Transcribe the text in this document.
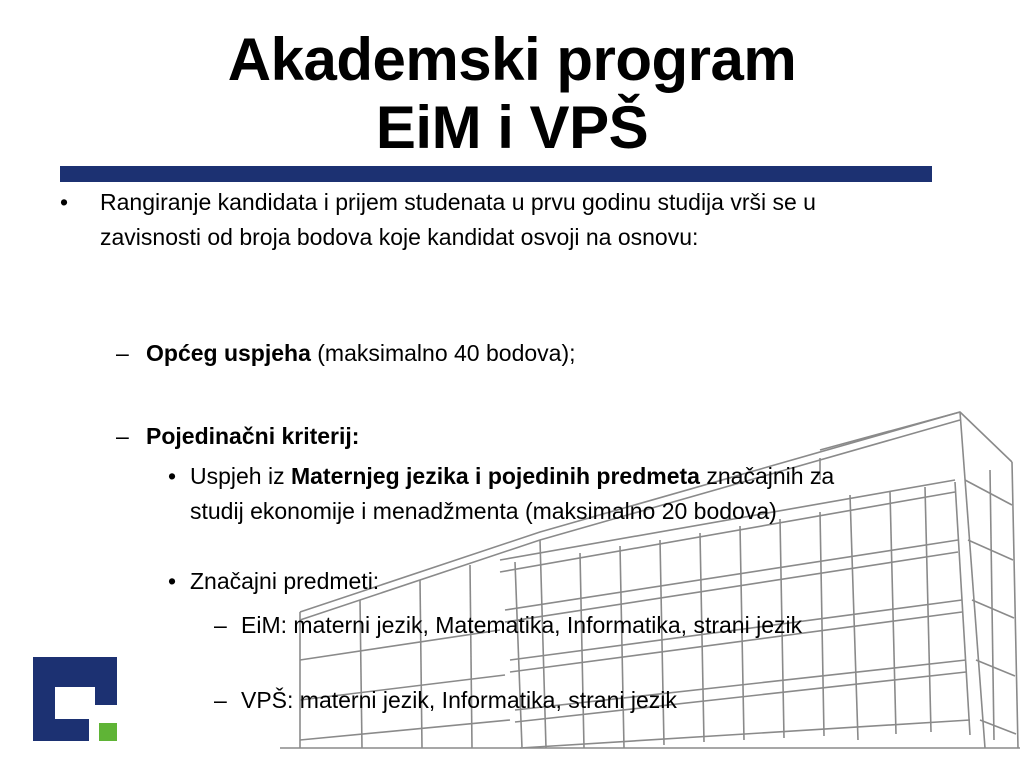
Akademski program
EiM i VPŠ
• Rangiranje kandidata i prijem studenata u prvu godinu studija vrši se u zavisnosti od broja bodova koje kandidat osvoji na osnovu:
– Općeg uspjeha (maksimalno 40 bodova);
– Pojedinačni kriterij:
• Uspjeh iz Maternjeg jezika i pojedinih predmeta značajnih za studij ekonomije i menadžmenta (maksimalno 20 bodova)
• Značajni predmeti:
– EiM: materni jezik, Matematika, Informatika, strani jezik
– VPŠ: materni jezik, Informatika, strani jezik
